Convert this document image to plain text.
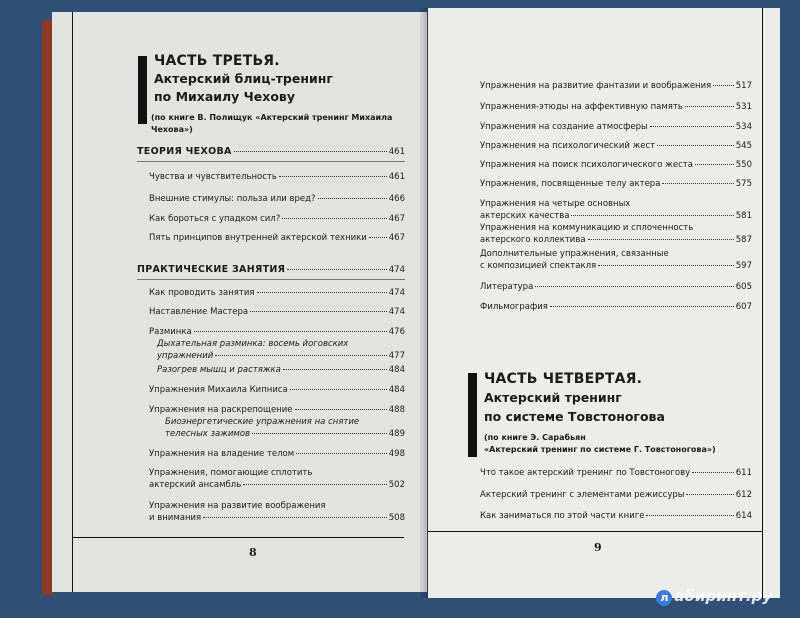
ЧАСТЬ ТРЕТЬЯ.
Актерский блиц-тренинг
по Михаилу Чехову
(по книге В. Полищук «Актерский тренинг Михаила Чехова»)
ТЕОРИЯ ЧЕХОВА	461
Чувства и чувствительность	461
Внешние стимулы: польза или вред?	466
Как бороться с упадком сил?	467
Пять принципов внутренней актерской техники	467
ПРАКТИЧЕСКИЕ ЗАНЯТИЯ	474
Как проводить занятия	474
Наставление Мастера	474
Разминка	476
Дыхательная разминка: восемь йоговских
упражнений	477
Разогрев мышц и растяжка	484
Упражнения Михаила Кипниса	484
Упражнения на раскрепощение	488
Биоэнергетические упражнения на снятие
телесных зажимов	489
Упражнения на владение телом	498
Упражнения, помогающие сплотить
актерский ансамбль	502
Упражнения на развитие воображения
и внимания	508
8
Упражнения на развитие фантазии и воображения	517
Упражнения-этюды на аффективную память	531
Упражнения на создание атмосферы	534
Упражнения на психологический жест	545
Упражнения на поиск психологического жеста	550
Упражнения, посвященные телу актера	575
Упражнения на четыре основных
актерских качества	581
Упражнения на коммуникацию и сплоченность
актерского коллектива	587
Дополнительные упражнения, связанные
с композицией спектакля	597
Литература	605
Фильмография	607
ЧАСТЬ ЧЕТВЕРТАЯ.
Актерский тренинг
по системе Товстоногова
(по книге Э. Сарабьян
«Актерский тренинг по системе Г. Товстоногова»)
Что такое актерский тренинг по Товстоногову	611
Актерский тренинг с элементами режиссуры	612
Как заниматься по этой части книге	614
9
л абиринт.ру
